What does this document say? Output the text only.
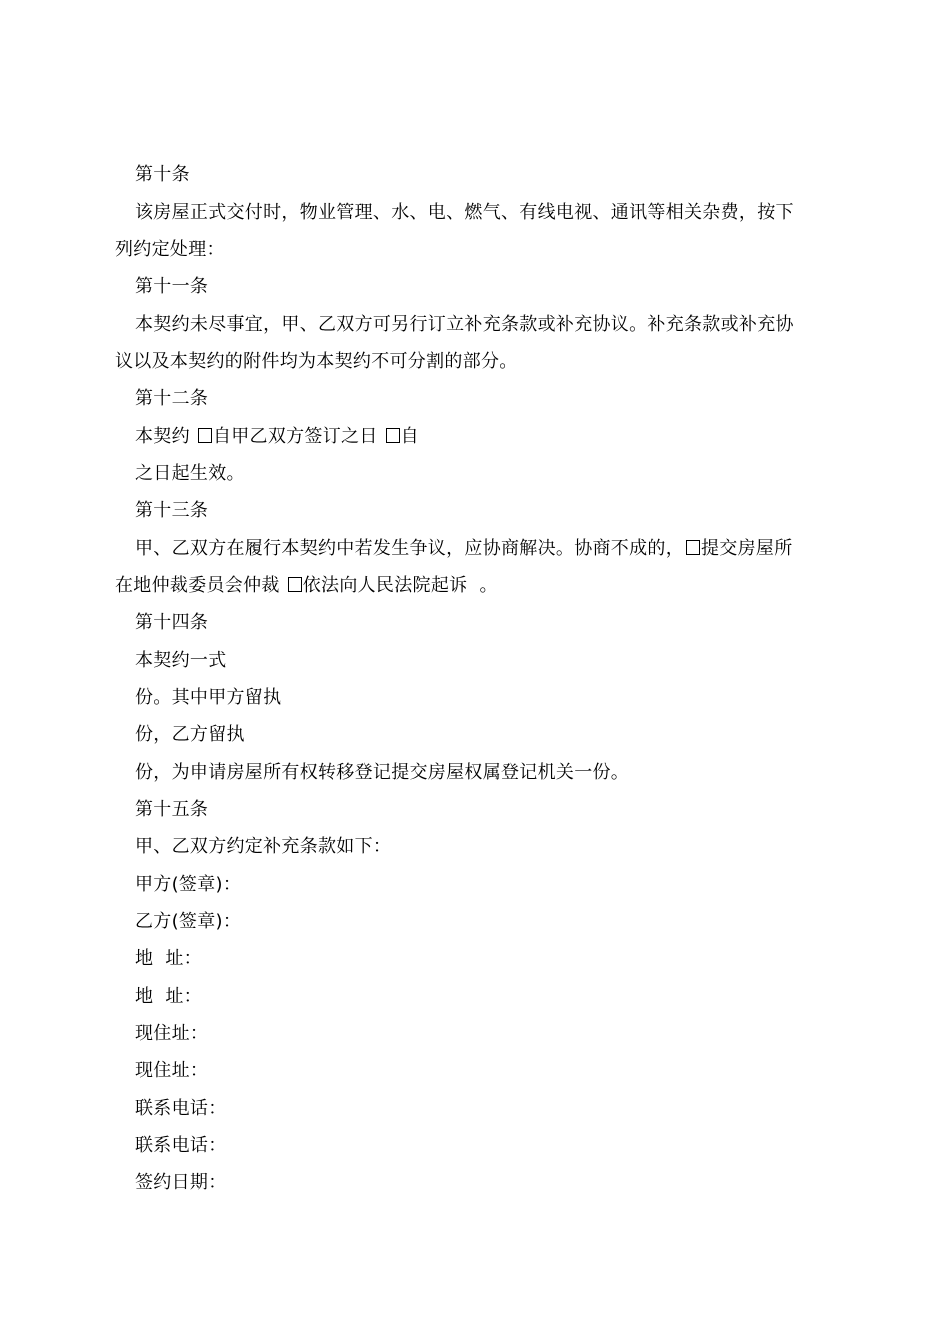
第十条
该房屋正式交付时，物业管理、水、电、燃气、有线电视、通讯等相关杂费，按下
列约定处理：
第十一条
本契约未尽事宜，甲、乙双方可另行订立补充条款或补充协议。补充条款或补充协
议以及本契约的附件均为本契约不可分割的部分。
第十二条
本契约 自甲乙双方签订之日 自
之日起生效。
第十三条
甲、乙双方在履行本契约中若发生争议，应协商解决。协商不成的， 提交房屋所
在地仲裁委员会仲裁 依法向人民法院起诉 。
第十四条
本契约一式
份。其中甲方留执
份，乙方留执
份，为申请房屋所有权转移登记提交房屋权属登记机关一份。
第十五条
甲、乙双方约定补充条款如下：
甲方(签章)：
乙方(签章)：
地  址：
地  址：
现住址：
现住址：
联系电话：
联系电话：
签约日期：
